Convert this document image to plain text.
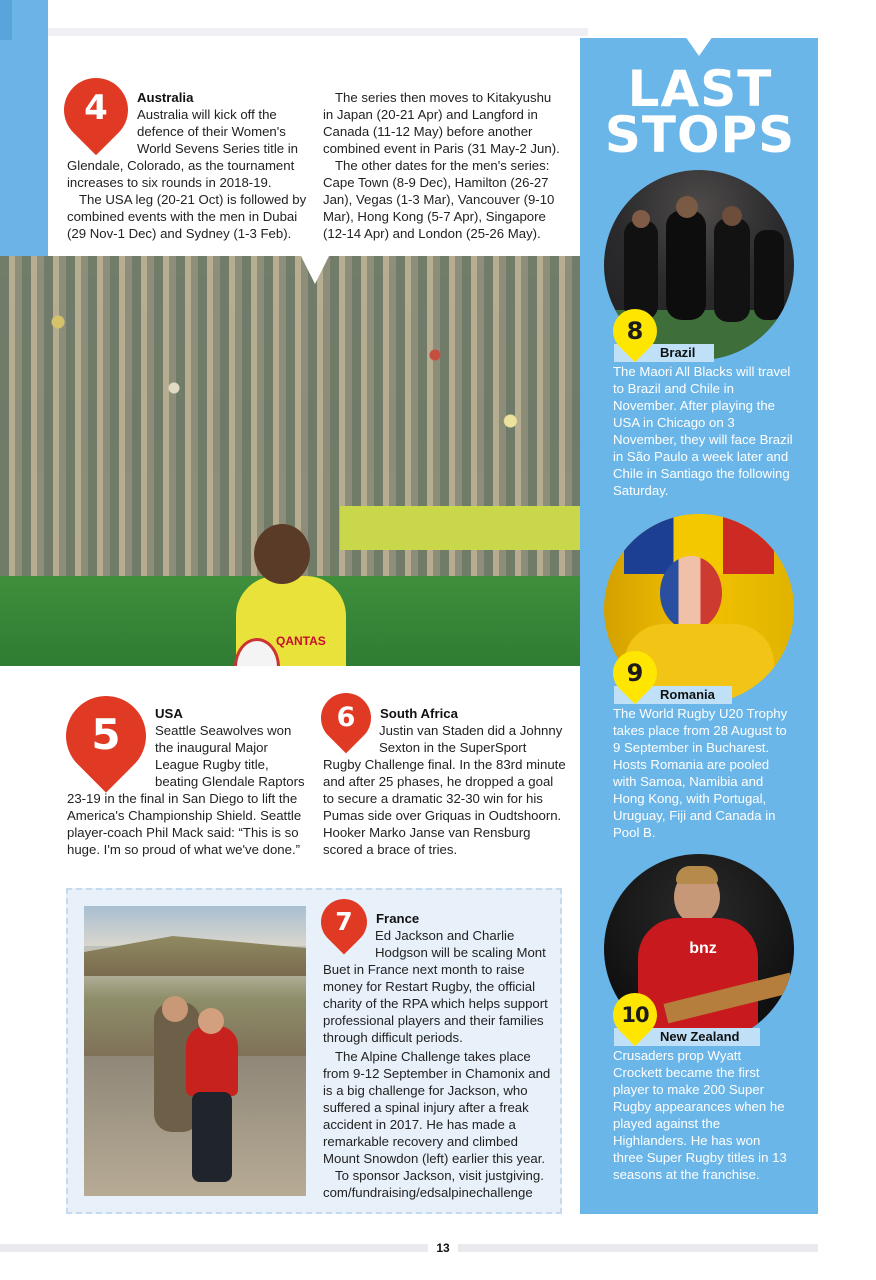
LAST
STOPS
Brazil
8
The Maori All Blacks will travel to Brazil and Chile in November. After playing the USA in Chicago on 3 November, they will face Brazil in São Paulo a week later and Chile in Santiago the following Saturday.
Romania
9
The World Rugby U20 Trophy takes place from 28 August to 9 September in Bucharest. Hosts Romania are pooled with Samoa, Namibia and Hong Kong, with Portugal, Uruguay, Fiji and Canada in Pool B.
bnz
New Zealand
10
Crusaders prop Wyatt Crockett became the first player to make 200 Super Rugby appearances when he played against the Highlanders. He has won three Super Rugby titles in 13 seasons at the franchise.
4	Australia
Australia will kick off the defence of their Women's World Sevens Series title in Glendale, Colorado, as the tournament increases to six rounds in 2018-19.
The USA leg (20-21 Oct) is followed by combined events with the men in Dubai (29 Nov-1 Dec) and Sydney (1-3 Feb).
The series then moves to Kitakyushu in Japan (20-21 Apr) and Langford in Canada (11-12 May) before another combined event in Paris (31 May-2 Jun).
The other dates for the men's series: Cape Town (8-9 Dec), Hamilton (26-27 Jan), Vegas (1-3 Mar), Vancouver (9-10 Mar), Hong Kong (5-7 Apr), Singapore (12-14 Apr) and London (25-26 May).
QANTAS
5	USA
Seattle Seawolves won the inaugural Major League Rugby title, beating Glendale Raptors 23-19 in the final in San Diego to lift the America's Championship Shield. Seattle player-coach Phil Mack said: “This is so huge. I'm so proud of what we've done.”
6	South Africa
Justin van Staden did a Johnny Sexton in the SuperSport Rugby Challenge final. In the 83rd minute and after 25 phases, he dropped a goal to secure a dramatic 32-30 win for his Pumas side over Griquas in Oudtshoorn. Hooker Marko Janse van Rensburg scored a brace of tries.
7	France
Ed Jackson and Charlie Hodgson will be scaling Mont Buet in France next month to raise money for Restart Rugby, the official charity of the RPA which helps support professional players and their families through difficult periods.
The Alpine Challenge takes place from 9-12 September in Chamonix and is a big challenge for Jackson, who suffered a spinal injury after a freak accident in 2017. He has made a remarkable recovery and climbed Mount Snowdon (left) earlier this year.
To sponsor Jackson, visit justgiving. com/fundraising/edsalpinechallenge
13
